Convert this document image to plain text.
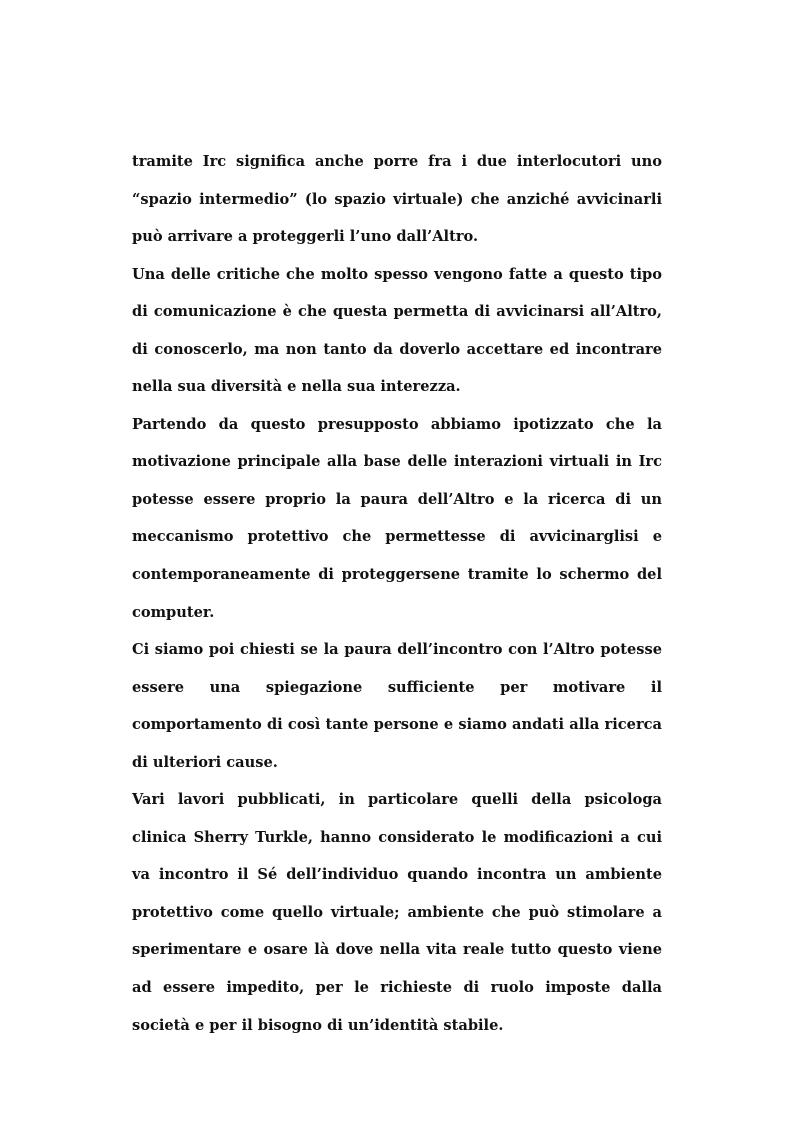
tramite Irc significa anche porre fra i due interlocutori uno “spazio intermedio” (lo spazio virtuale) che anziché avvicinarli può arrivare a proteggerli l’uno dall’Altro.

Una delle critiche che molto spesso vengono fatte a questo tipo di comunicazione è che questa permetta di avvicinarsi all’Altro, di conoscerlo, ma non tanto da doverlo accettare ed incontrare nella sua diversità e nella sua interezza.

Partendo da questo presupposto abbiamo ipotizzato che la motivazione principale alla base delle interazioni virtuali in Irc potesse essere proprio la paura dell’Altro e la ricerca di un meccanismo protettivo che permettesse di avvicinarglisi e contemporaneamente di proteggersene tramite lo schermo del computer.

Ci siamo poi chiesti se la paura dell’incontro con l’Altro potesse essere una spiegazione sufficiente per motivare il comportamento di così tante persone e siamo andati alla ricerca di ulteriori cause.

Vari lavori pubblicati, in particolare quelli della psicologa clinica Sherry Turkle, hanno considerato le modificazioni a cui va incontro il Sé dell’individuo quando incontra un ambiente protettivo come quello virtuale; ambiente che può stimolare a sperimentare e osare là dove nella vita reale tutto questo viene ad essere impedito, per le richieste di ruolo imposte dalla società e per il bisogno di un’identità stabile.
